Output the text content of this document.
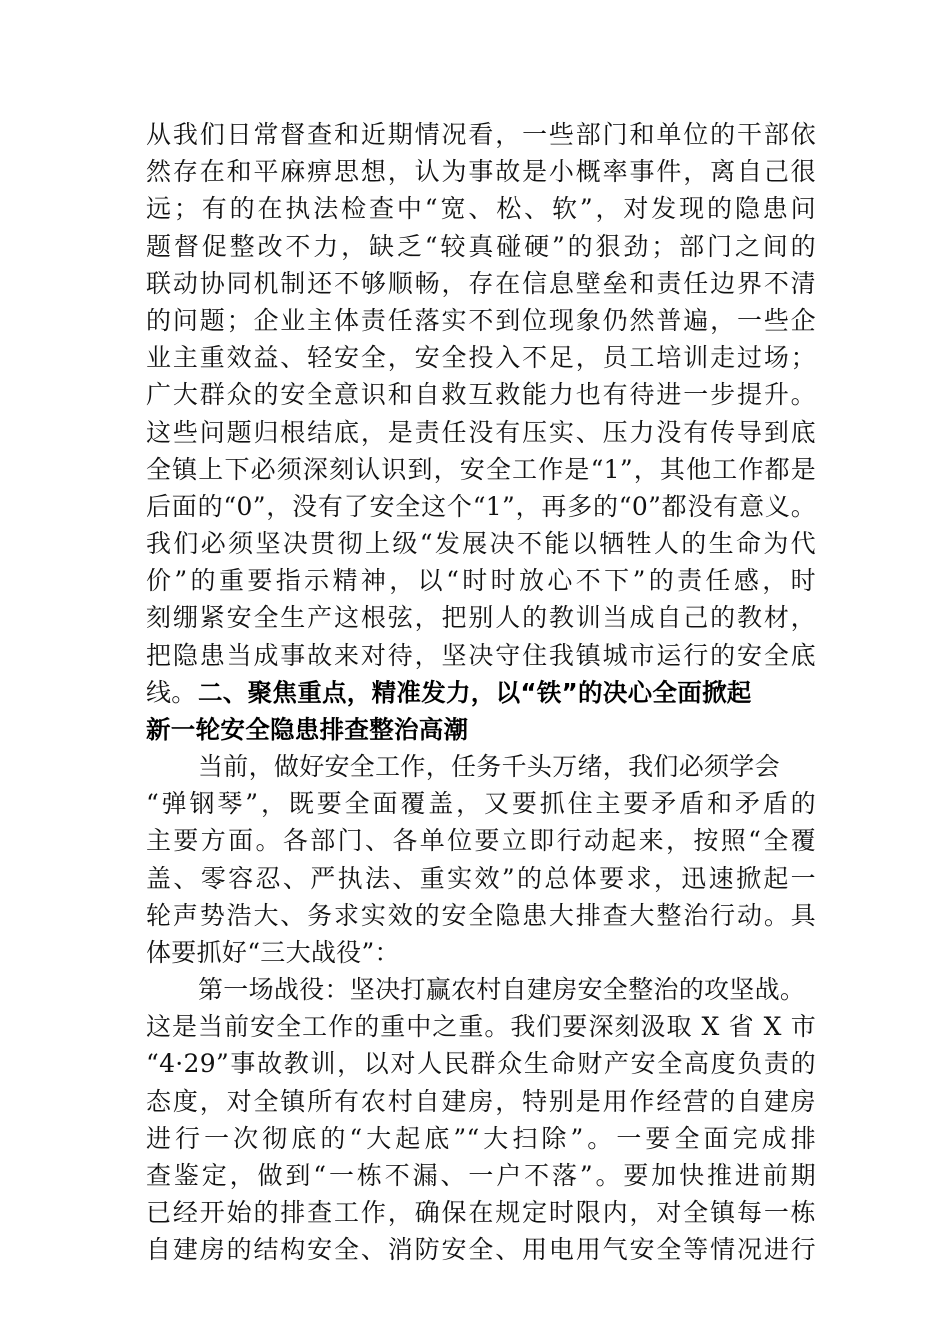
从我们日常督查和近期情况看，一些部门和单位的干部依
然存在和平麻痹思想，认为事故是小概率事件，离自己很
远；有的在执法检查中“宽、松、软”，对发现的隐患问
题督促整改不力，缺乏“较真碰硬”的狠劲；部门之间的
联动协同机制还不够顺畅，存在信息壁垒和责任边界不清
的问题；企业主体责任落实不到位现象仍然普遍，一些企
业主重效益、轻安全，安全投入不足，员工培训走过场；
广大群众的安全意识和自救互救能力也有待进一步提升。
这些问题归根结底，是责任没有压实、压力没有传导到底
全镇上下必须深刻认识到，安全工作是“1”，其他工作都是
后面的“0”，没有了安全这个“1”，再多的“0”都没有意义。
我们必须坚决贯彻上级“发展决不能以牺牲人的生命为代
价”的重要指示精神，以“时时放心不下”的责任感，时
刻绷紧安全生产这根弦，把别人的教训当成自己的教材，
把隐患当成事故来对待，坚决守住我镇城市运行的安全底
线。 二、聚焦重点，精准发力，以“铁”的决心全面掀起
新一轮安全隐患排查整治高潮
当前，做好安全工作，任务千头万绪，我们必须学会
“弹钢琴”，既要全面覆盖，又要抓住主要矛盾和矛盾的
主要方面。各部门、各单位要立即行动起来，按照“全覆
盖、零容忍、严执法、重实效”的总体要求，迅速掀起一
轮声势浩大、务求实效的安全隐患大排查大整治行动。具
体要抓好“三大战役”：
第一场战役：坚决打赢农村自建房安全整治的攻坚战。
这是当前安全工作的重中之重。我们要深刻汲取 X 省 X 市
“4·29”事故教训，以对人民群众生命财产安全高度负责的
态度，对全镇所有农村自建房，特别是用作经营的自建房
进行一次彻底的“大起底”“大扫除”。一要全面完成排
查鉴定，做到“一栋不漏、一户不落”。要加快推进前期
已经开始的排查工作，确保在规定时限内，对全镇每一栋
自建房的结构安全、消防安全、用电用气安全等情况进行
